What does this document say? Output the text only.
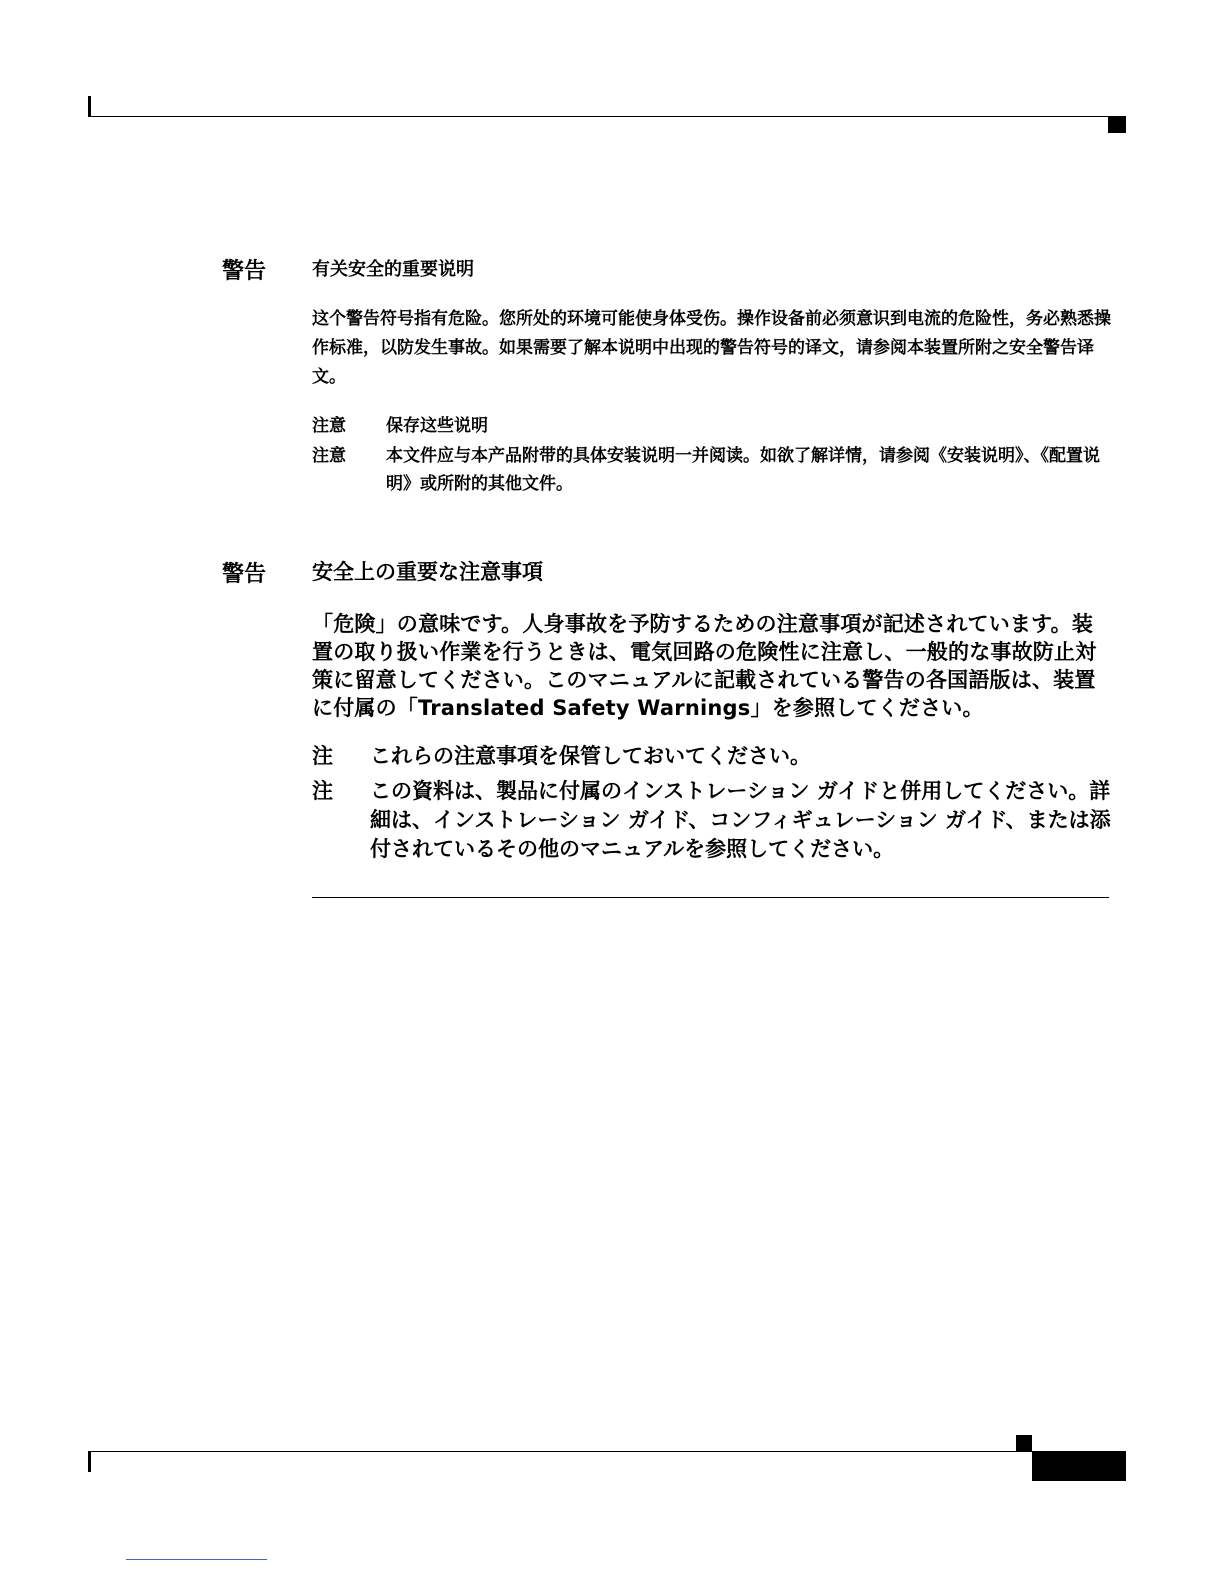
警告	有关安全的重要说明
这个警告符号指有危险。您所处的环境可能使身体受伤。操作设备前必须意识到电流的危险性，务必熟悉操作标准，以防发生事故。如果需要了解本说明中出现的警告符号的译文，请参阅本装置所附之安全警告译文。
注意 保存这些说明
注意 本文件应与本产品附带的具体安装说明一并阅读。如欲了解详情，请参阅《安装说明》、《配置说明》或所附的其他文件。
警告 安全上の重要な注意事項
「危険」の意味です。人身事故を予防するための注意事項が記述されています。装置の取り扱い作業を行うときは、電気回路の危険性に注意し、一般的な事故防止対策に留意してください。このマニュアルに記載されている警告の各国語版は、装置に付属の「Translated Safety Warnings」を参照してください。
注 これらの注意事項を保管しておいてください。
注 この資料は、製品に付属のインストレーション ガイドと併用してください。詳細は、インストレーション ガイド、コンフィギュレーション ガイド、または添付されているその他のマニュアルを参照してください。
